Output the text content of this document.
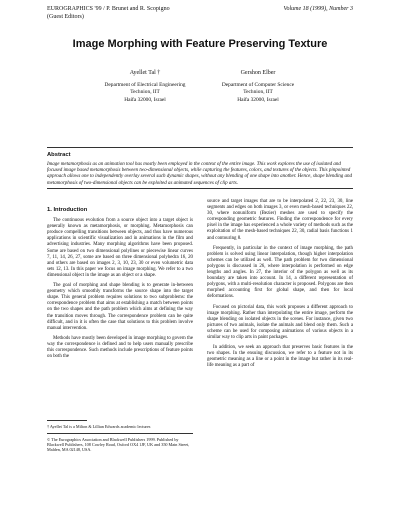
EUROGRAPHICS '99 / P. Brunet and R. Scopigno
(Guest Editors)
Volume 18 (1999), Number 3
Image Morphing with Feature Preserving Texture
Ayellet Tal †
Department of Electrical Engineering
Technion, IIT
Haifa 32000, Israel
Gershon Elber
Department of Computer Science
Technion, IIT
Haifa 32000, Israel
Abstract
Image metamorphosis as an animation tool has mostly been employed in the context of the entire image. This work explores the use of isolated and focused image based metamorphosis between two-dimensional objects, while capturing the features, colors, and textures of the objects. This pinpointed approach allows one to independently overlay several such dynamic shapes, without any blending of one shape into another. Hence, shape blending and metamorphosis of two-dimensional objects can be exploited as animated sequences of clip arts.
1. Introduction

The continuous evolution from a source object into a target object is generally known as metamorphosis, or morphing. Metamorphosis can produce compelling transitions between objects, and thus have numerous applications in scientific visualization and in animations in the film and advertising industries. Many morphing algorithms have been proposed. Some are based on two dimensional polylines or piecewise linear curves 7, 11, 14, 26, 27, some are based on three dimensional polyhedra 16, 20 and others are based on images 2, 3, 10, 23, 30 or even volumetric data sets 12, 13. In this paper we focus on image morphing. We refer to a two dimensional object in the image as an object or a shape.

The goal of morphing and shape blending is to generate in-between geometry which smoothly transforms the source shape into the target shape. This general problem requires solutions to two subproblems: the correspondence problem that aims at establishing a match between points on the two shapes and the path problem which aims at defining the way the transition moves through. The correspondence problem can be quite difficult, and in it is often the case that solutions to this problem involve manual intervention.

Methods have mostly been developed in image morphing to govern the way the correspondence is defined and to help users manually prescribe this correspondence. Such methods include prescriptions of feature points on both the

source and target images that are to be interpolated 2, 22, 23, 30, line segments and edges on both images 3, or even mesh-based techniques 22, 30, where nonuniform (Bezier) meshes are used to specify the corresponding geometric features. Finding the correspondence for every pixel in the image has experienced a whole variety of methods such as the exploitation of the mesh-based techniques 22, 30, radial basis functions 1 and contouring 8.

Frequently, in particular in the context of image morphing, the path problem is solved using linear interpolation, though higher interpolation schemes can be utilized as well. The path problem for two dimensional polygons is discussed in 26, where interpolation is performed on edge lengths and angles. In 27, the interior of the polygon as well as its boundary are taken into account. In 14, a different representation of polygons, with a multi-resolution character is proposed. Polygons are then morphed accounting first for global shape, and then for local deformations.

Focused on pictorial data, this work proposes a different approach to image morphing. Rather than interpolating the entire image, perform the shape blending on isolated objects in the scenes. For instance, given two pictures of two animals, isolate the animals and blend only them. Such a scheme can be used for composing animations of various objects in a similar way to clip arts in paint packages.

In addition, we seek an approach that preserves basic features in the two shapes. In the ensuing discussion, we refer to a feature not in its geometric meaning as a line or a point in the image but rather in its real-life meaning as a part of

† Ayellet Tal is a Milton & Lillian Edwards academic lecturer.
© The Eurographics Association and Blackwell Publishers 1999. Published by Blackwell Publishers, 108 Cowley Road, Oxford OX4 1JF, UK and 350 Main Street, Malden, MA 02148, USA.
